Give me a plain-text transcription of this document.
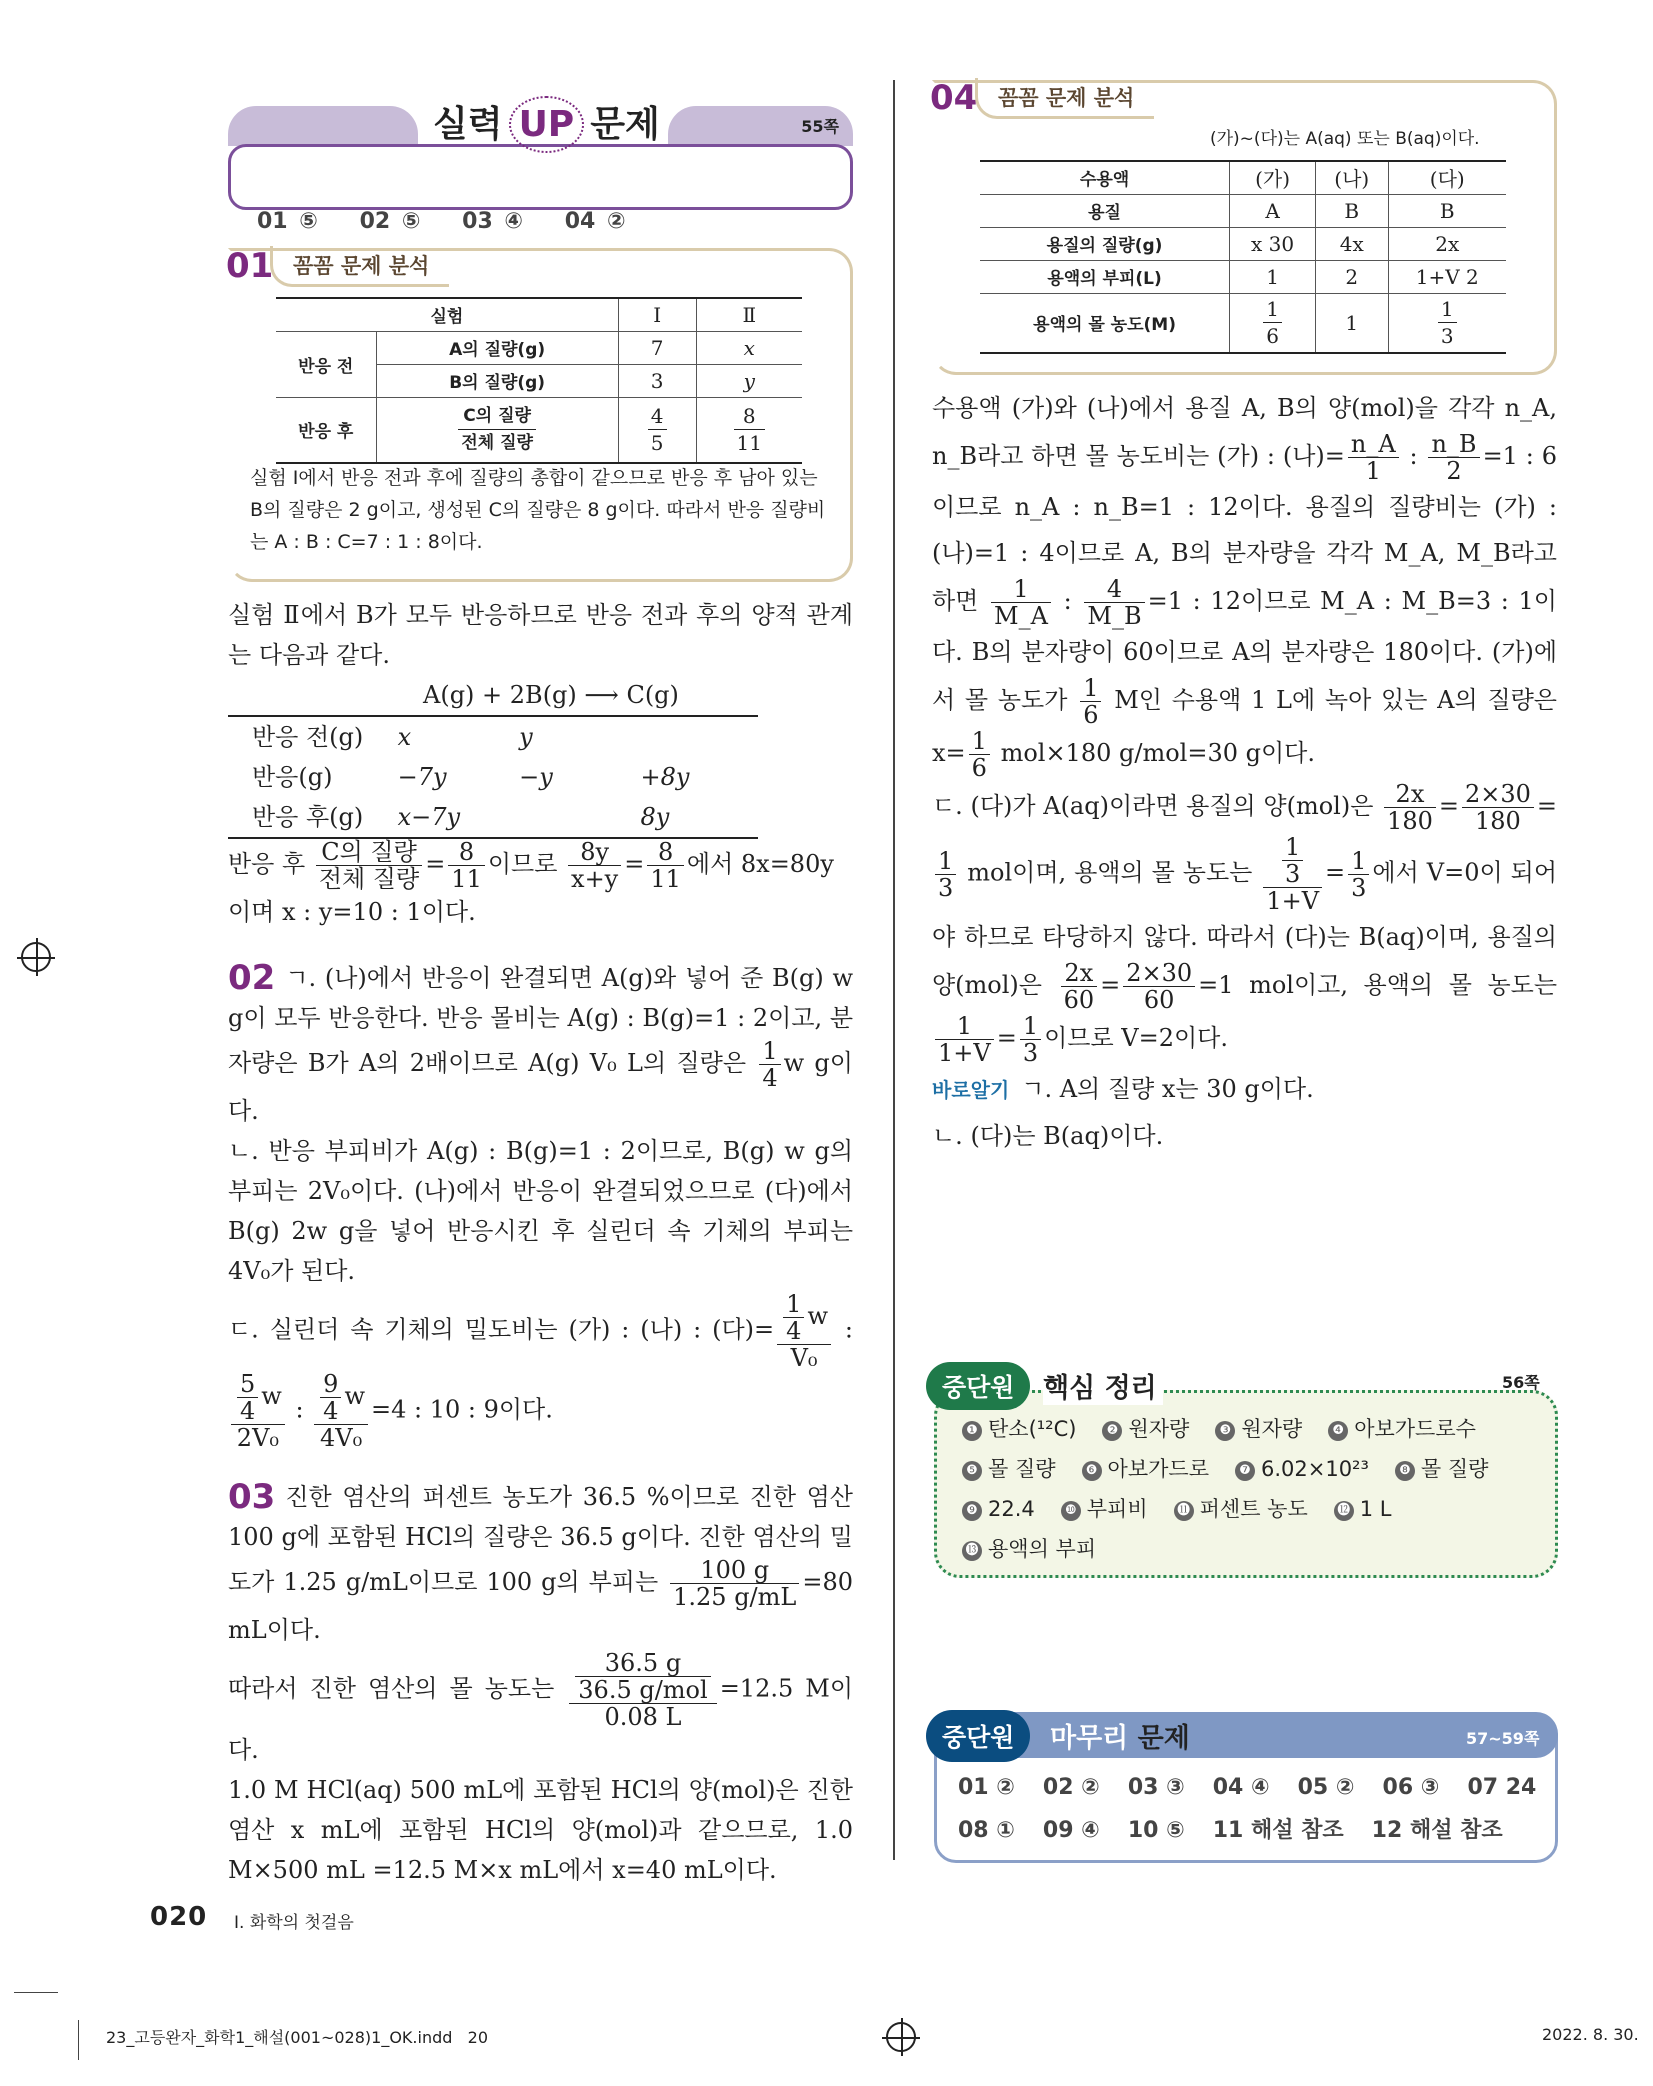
01 ⑤ 02 ⑤ 03 ④ 04 ②
실력 UP 문제	55쪽
01 꼼꼼 문제 분석
실험		Ⅰ	Ⅱ
반응 전	A의 질량(g)	7	x
	B의 질량(g)	3	y
반응 후	$\frac{\text{C의 질량}}{\text{전체 질량}}$	$\frac{4}{5}$	$\frac{8}{11}$
실험 Ⅰ에서 반응 전과 후에 질량의 총합이 같으므로 반응 후 남아 있는 B의 질량은 2 g이고, 생성된 C의 질량은 8 g이다. 따라서 반응 질량비는 A : B : C=7 : 1 : 8이다.
실험 Ⅱ에서 B가 모두 반응하므로 반응 전과 후의 양적 관계는 다음과 같다.
A(g) + 2B(g) ⟶ C(g)
반응 전(g)	x	y	
반응(g)	−7y	−y	+8y
반응 후(g)	x−7y		8y
반응 후 $\frac{\text{C의 질량}}{\text{전체 질량}} = \frac{8}{11}$ 이므로 $\frac{8y}{x+y} = \frac{8}{11}$ 에서 8x=80y
이며 x : y=10 : 1이다.
02 ㄱ. (나)에서 반응이 완결되면 A(g)와 넣어 준 B(g) w g이 모두 반응한다. 반응 몰비는 A(g) : B(g)=1 : 2이고, 분자량은 B가 A의 2배이므로 A(g) V₀ L의 질량은 $\frac{1}{4}$ w g이다.
ㄴ. 반응 부피비가 A(g) : B(g)=1 : 2이므로, B(g) w g의 부피는 2V₀이다. (나)에서 반응이 완결되었으므로 (다)에서 B(g) 2w g을 넣어 반응시킨 후 실린더 속 기체의 부피는 4V₀가 된다.
ㄷ. 실린더 속 기체의 밀도비는 (가) : (나) : (다)= $\frac{\frac{1}{4} w}{\text{V₀}}$ :
$\frac{\frac{5}{4} w}{\text{2V₀}}$ : $\frac{\frac{9}{4} w}{\text{4V₀}} =4$ : 10 : 9이다.
03 진한 염산의 퍼센트 농도가 36.5 %이므로 진한 염산 100 g에 포함된 HCl의 질량은 36.5 g이다. 진한 염산의 밀도가 1.25 g/mL이므로 100 g의 부피는 $\frac{100 g}{1.25 g/mL} =80$ mL이다.
따라서 진한 염산의 몰 농도는 $\frac{\frac{36.5 g}{\text{36.5 g/mol}}}{0.08 L} =12.5$ M이다.
1.0 M HCl(aq) 500 mL에 포함된 HCl의 양(mol)은 진한 염산 x mL에 포함된 HCl의 양(mol)과 같으므로, 1.0 M×500 mL =12.5 M×x mL에서 x=40 mL이다.
04 꼼꼼 문제 분석
(가)~(다)는 A(aq) 또는 B(aq)이다.
수용액	(가)	(나)	(다)
용질	A	B	B
용질의 질량(g)	x 30	4x	2x
용액의 부피(L)	1	2	1+V 2
용액의 몰 농도(M)	$\frac{1}{6}$	1	$\frac{1}{3}$
수용액 (가)와 (나)에서 용질 A, B의 양(mol)을 각각 n_A, n_B라고 하면 몰 농도비는 (가) : (나)= $\frac{n\_A}{1}$ : $\frac{n\_B}{2} =1$ : 6이므로 n_A : n_B=1 : 12이다. 용질의 질량비는 (가) : (나)=1 : 4이므로 A, B의 분자량을 각각 M_A, M_B라고 하면 $\frac{1}{M\_A}$ : $\frac{4}{M\_B} =1$ : 12이므로 M_A : M_B=3 : 1이다. B의 분자량이 60이므로 A의 분자량은 180이다. (가)에서 몰 농도가 $\frac{1}{6}$ M인 수용액 1 L에 녹아 있는 A의 질량은 $x= \frac{1}{6} mol\times 180$ g/mol=30 g이다.
ㄷ. (다)가 A(aq)이라면 용질의 양(mol)은 $\frac{2x}{180} = \frac{2\times 30}{180}$ =
$\frac{1}{3}$ mol이며, 용액의 몰 농도는 $\frac{\frac{1}{3}}{1+V} = \frac{1}{3}$ 에서 V=0이 되어야 하므로 타당하지 않다. 따라서 (다)는 B(aq)이며, 용질의 양(mol)은 $\frac{2x}{60} = \frac{2\times 30}{60} =1$ mol이고, 용액의 몰 농도는
$\frac{1}{1+V} = \frac{1}{3}$ 이므로 V=2이다.
바로알기 ㄱ. A의 질량 x는 30 g이다.
ㄴ. (다)는 B(aq)이다.
중단원	핵심 정리	56쪽
❶ 탄소(¹²C) ❷ 원자량 ❸ 원자량 ❹ 아보가드로수❺ 몰 질량 ❻ 아보가드로 ❼ 6.02×10²³ ❽ 몰 질량❾ 22.4 ❿ 부피비 ⓫ 퍼센트 농도 ⓬ 1 L⓭ 용액의 부피
중단원	마무리 문제	57~59쪽
01 ② 02 ② 03 ③ 04 ④ 05 ② 06 ③ 07 24
08 ① 09 ④ 10 ⑤ 11 해설 참조 12 해설 참조
020 Ⅰ. 화학의 첫걸음
23_고등완자_화학1_해설(001~028)1_OK.indd   20	2022. 8. 30.
